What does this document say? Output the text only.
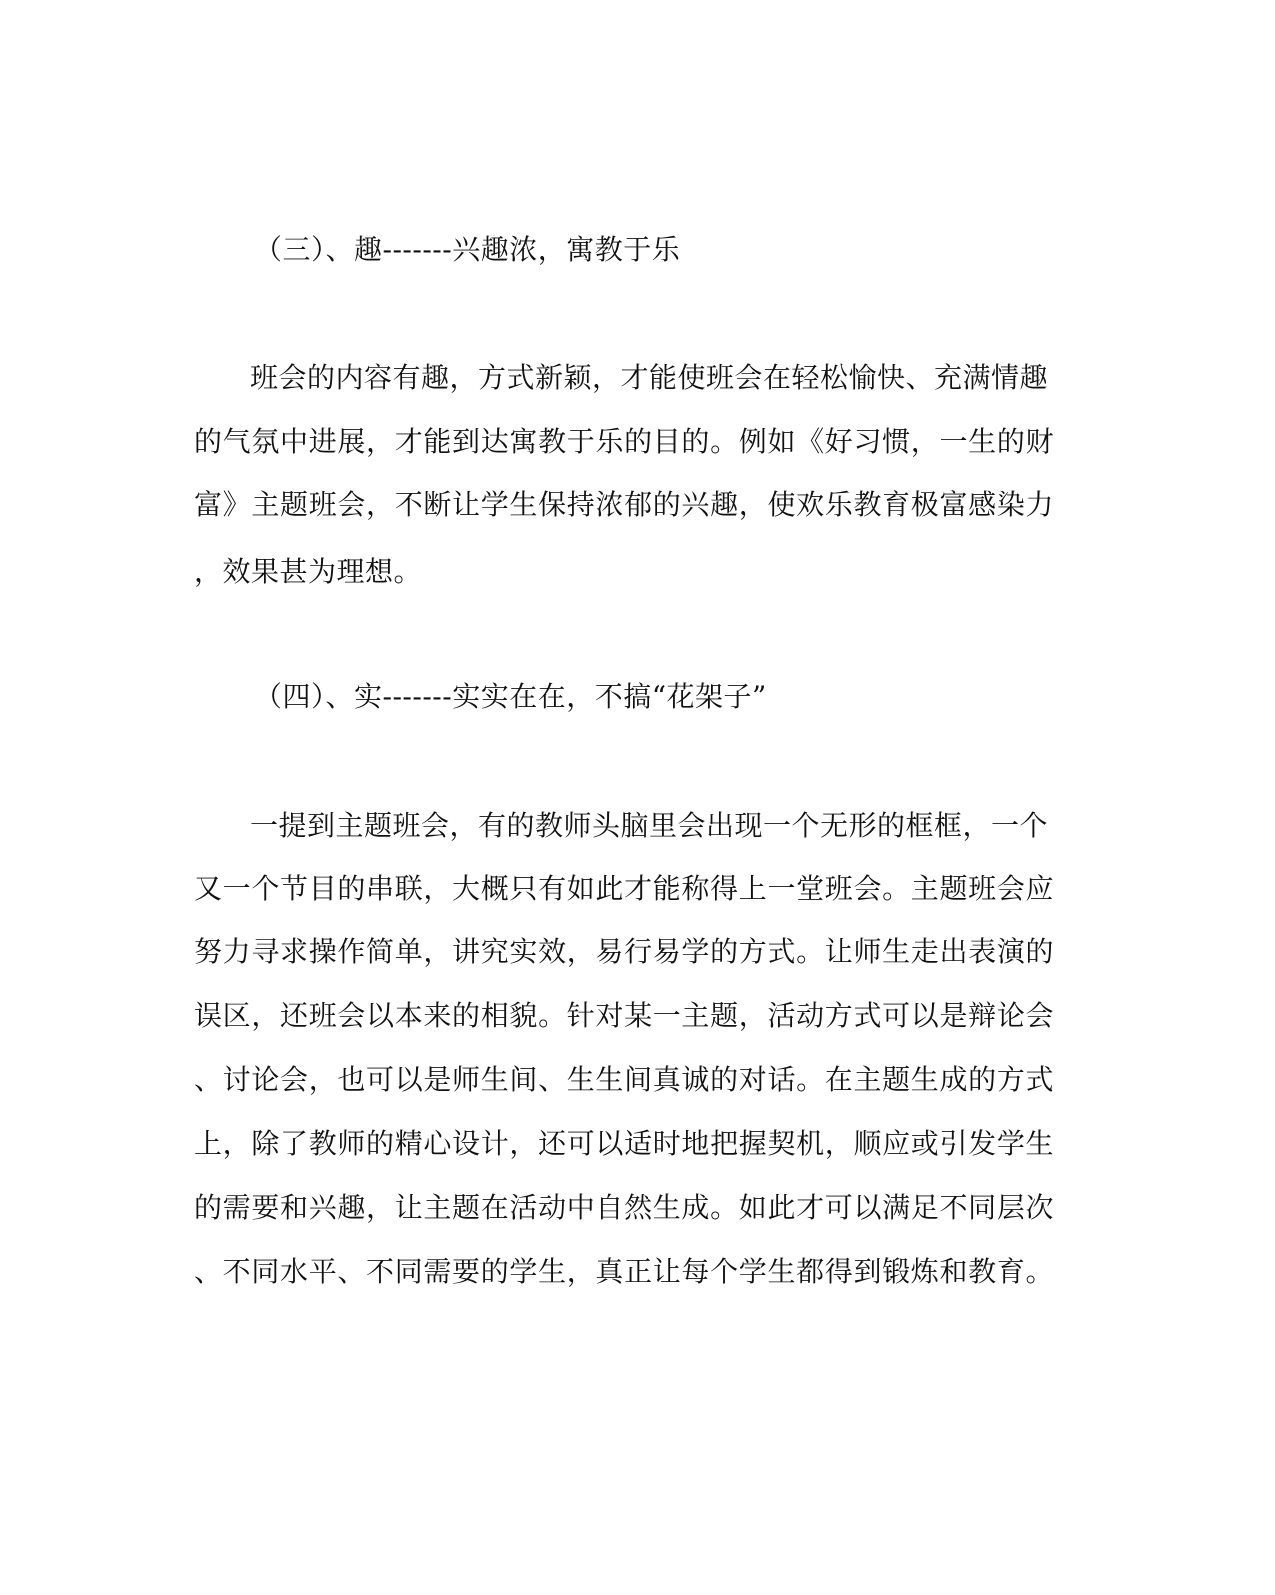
（三）、趣-------兴趣浓，寓教于乐
班会的内容有趣，方式新颖，才能使班会在轻松愉快、充满情趣
的气氛中进展，才能到达寓教于乐的目的。例如《好习惯，一生的财
富》主题班会，不断让学生保持浓郁的兴趣，使欢乐教育极富感染力
，效果甚为理想。
（四）、实-------实实在在，不搞“花架子”
一提到主题班会，有的教师头脑里会出现一个无形的框框，一个
又一个节目的串联，大概只有如此才能称得上一堂班会。主题班会应
努力寻求操作简单，讲究实效，易行易学的方式。让师生走出表演的
误区，还班会以本来的相貌。针对某一主题，活动方式可以是辩论会
、讨论会，也可以是师生间、生生间真诚的对话。在主题生成的方式
上，除了教师的精心设计，还可以适时地把握契机，顺应或引发学生
的需要和兴趣，让主题在活动中自然生成。如此才可以满足不同层次
、不同水平、不同需要的学生，真正让每个学生都得到锻炼和教育。
